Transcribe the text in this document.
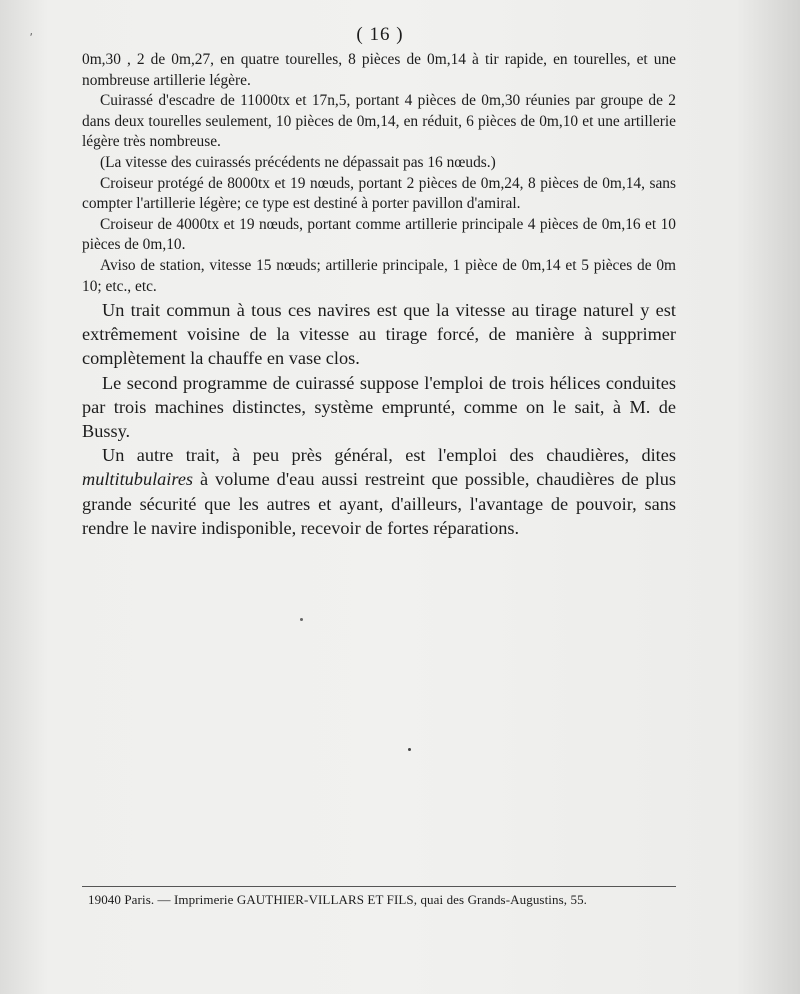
ʹ	( 16 )

0m,30 , 2 de 0m,27, en quatre tourelles, 8 pièces de 0m,14 à tir rapide, en tourelles, et une nombreuse artillerie légère.

Cuirassé d'escadre de 11000tx et 17n,5, portant 4 pièces de 0m,30 réunies par groupe de 2 dans deux tourelles seulement, 10 pièces de 0m,14, en réduit, 6 pièces de 0m,10 et une artillerie légère très nombreuse.

(La vitesse des cuirassés précédents ne dépassait pas 16 nœuds.)

Croiseur protégé de 8000tx et 19 nœuds, portant 2 pièces de 0m,24, 8 pièces de 0m,14, sans compter l'artillerie légère; ce type est destiné à porter pavillon d'amiral.

Croiseur de 4000tx et 19 nœuds, portant comme artillerie principale 4 pièces de 0m,16 et 10 pièces de 0m,10.

Aviso de station, vitesse 15 nœuds; artillerie principale, 1 pièce de 0m,14 et 5 pièces de 0m 10; etc., etc.

Un trait commun à tous ces navires est que la vitesse au tirage naturel y est extrêmement voisine de la vitesse au tirage forcé, de manière à supprimer complètement la chauffe en vase clos.

Le second programme de cuirassé suppose l'emploi de trois hélices conduites par trois machines distinctes, système emprunté, comme on le sait, à M. de Bussy.

Un autre trait, à peu près général, est l'emploi des chaudières, dites multitubulaires à volume d'eau aussi restreint que possible, chaudières de plus grande sécurité que les autres et ayant, d'ailleurs, l'avantage de pouvoir, sans rendre le navire indisponible, recevoir de fortes réparations.

19040 Paris. — Imprimerie GAUTHIER-VILLARS ET FILS, quai des Grands-Augustins, 55.
